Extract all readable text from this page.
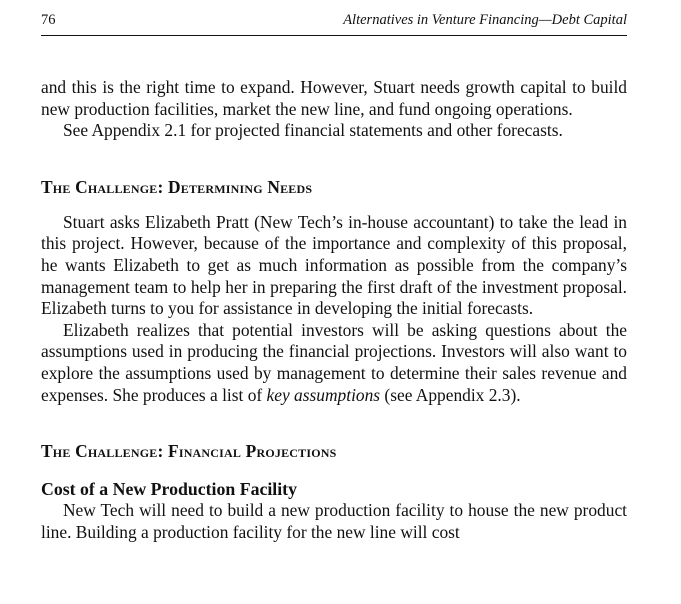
76	Alternatives in Venture Financing—Debt Capital

and this is the right time to expand. However, Stuart needs growth capital to build new production facilities, market the new line, and fund ongoing operations.

See Appendix 2.1 for projected financial statements and other forecasts.

The Challenge: Determining Needs

Stuart asks Elizabeth Pratt (New Tech’s in-house accountant) to take the lead in this project. However, because of the importance and complexity of this proposal, he wants Elizabeth to get as much information as possible from the company’s management team to help her in preparing the first draft of the investment proposal. Elizabeth turns to you for assistance in developing the initial forecasts.

Elizabeth realizes that potential investors will be asking questions about the assumptions used in producing the financial projections. Investors will also want to explore the assumptions used by management to determine their sales revenue and expenses. She produces a list of key assumptions (see Appendix 2.3).

The Challenge: Financial Projections
Cost of a New Production Facility

New Tech will need to build a new production facility to house the new product line. Building a production facility for the new line will cost
